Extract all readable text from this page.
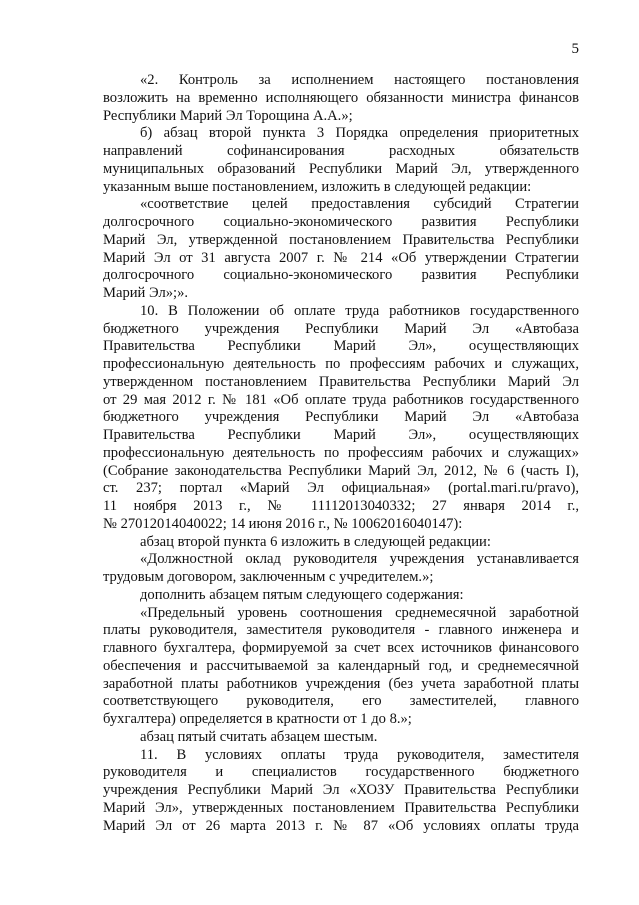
5
«2. Контроль за исполнением настоящего постановления
возложить на временно исполняющего обязанности министра финансов
Республики Марий Эл Торощина А.А.»;
б) абзац второй пункта 3 Порядка определения приоритетных
направлений софинансирования расходных обязательств
муниципальных образований Республики Марий Эл, утвержденного
указанным выше постановлением, изложить в следующей редакции:
«соответствие целей предоставления субсидий Стратегии
долгосрочного социально-экономического развития Республики
Марий Эл, утвержденной постановлением Правительства Республики
Марий Эл от 31 августа 2007 г. № 214 «Об утверждении Стратегии
долгосрочного социально-экономического развития Республики
Марий Эл»;».
10. В Положении об оплате труда работников государственного
бюджетного учреждения Республики Марий Эл «Автобаза
Правительства Республики Марий Эл», осуществляющих
профессиональную деятельность по профессиям рабочих и служащих,
утвержденном постановлением Правительства Республики Марий Эл
от 29 мая 2012 г. № 181 «Об оплате труда работников государственного
бюджетного учреждения Республики Марий Эл «Автобаза
Правительства Республики Марий Эл», осуществляющих
профессиональную деятельность по профессиям рабочих и служащих»
(Собрание законодательства Республики Марий Эл, 2012, № 6 (часть I),
ст. 237; портал «Марий Эл официальная» (portal.mari.ru/pravo),
11 ноября 2013 г., № 11112013040332; 27 января 2014 г.,
№ 27012014040022; 14 июня 2016 г., № 10062016040147):
абзац второй пункта 6 изложить в следующей редакции:
«Должностной оклад руководителя учреждения устанавливается
трудовым договором, заключенным с учредителем.»;
дополнить абзацем пятым следующего содержания:
«Предельный уровень соотношения среднемесячной заработной
платы руководителя, заместителя руководителя - главного инженера и
главного бухгалтера, формируемой за счет всех источников финансового
обеспечения и рассчитываемой за календарный год, и среднемесячной
заработной платы работников учреждения (без учета заработной платы
соответствующего руководителя, его заместителей, главного
бухгалтера) определяется в кратности от 1 до 8.»;
абзац пятый считать абзацем шестым.
11. В условиях оплаты труда руководителя, заместителя
руководителя и специалистов государственного бюджетного
учреждения Республики Марий Эл «ХОЗУ Правительства Республики
Марий Эл», утвержденных постановлением Правительства Республики
Марий Эл от 26 марта 2013 г. № 87 «Об условиях оплаты труда
